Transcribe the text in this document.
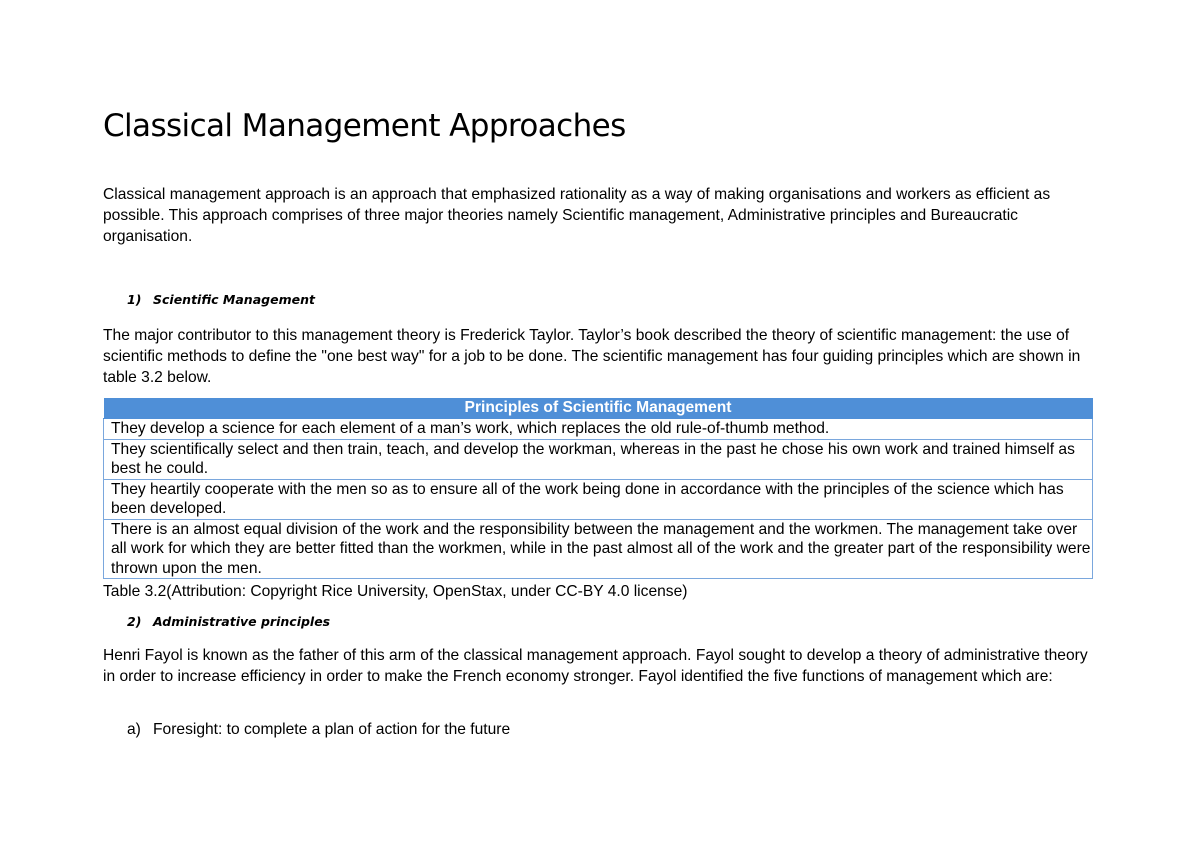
Classical Management Approaches

Classical management approach is an approach that emphasized rationality as a way of making organisations and workers as efficient as possible. This approach comprises of three major theories namely Scientific management, Administrative principles and Bureaucratic organisation.

1) Scientific Management

The major contributor to this management theory is Frederick Taylor. Taylor’s book described the theory of scientific management: the use of scientific methods to define the "one best way" for a job to be done. The scientific management has four guiding principles which are shown in table 3.2 below.

Principles of Scientific Management
They develop a science for each element of a man’s work, which replaces the old rule-of-thumb method.
They scientifically select and then train, teach, and develop the workman, whereas in the past he chose his own work and trained himself as best he could.
They heartily cooperate with the men so as to ensure all of the work being done in accordance with the principles of the science which has been developed.
There is an almost equal division of the work and the responsibility between the management and the workmen. The management take over all work for which they are better fitted than the workmen, while in the past almost all of the work and the greater part of the responsibility were thrown upon the men.

Table 3.2(Attribution: Copyright Rice University, OpenStax, under CC-BY 4.0 license)

2) Administrative principles

Henri Fayol is known as the father of this arm of the classical management approach. Fayol sought to develop a theory of administrative theory in order to increase efficiency in order to make the French economy stronger. Fayol identified the five functions of management which are:

a) Foresight: to complete a plan of action for the future
